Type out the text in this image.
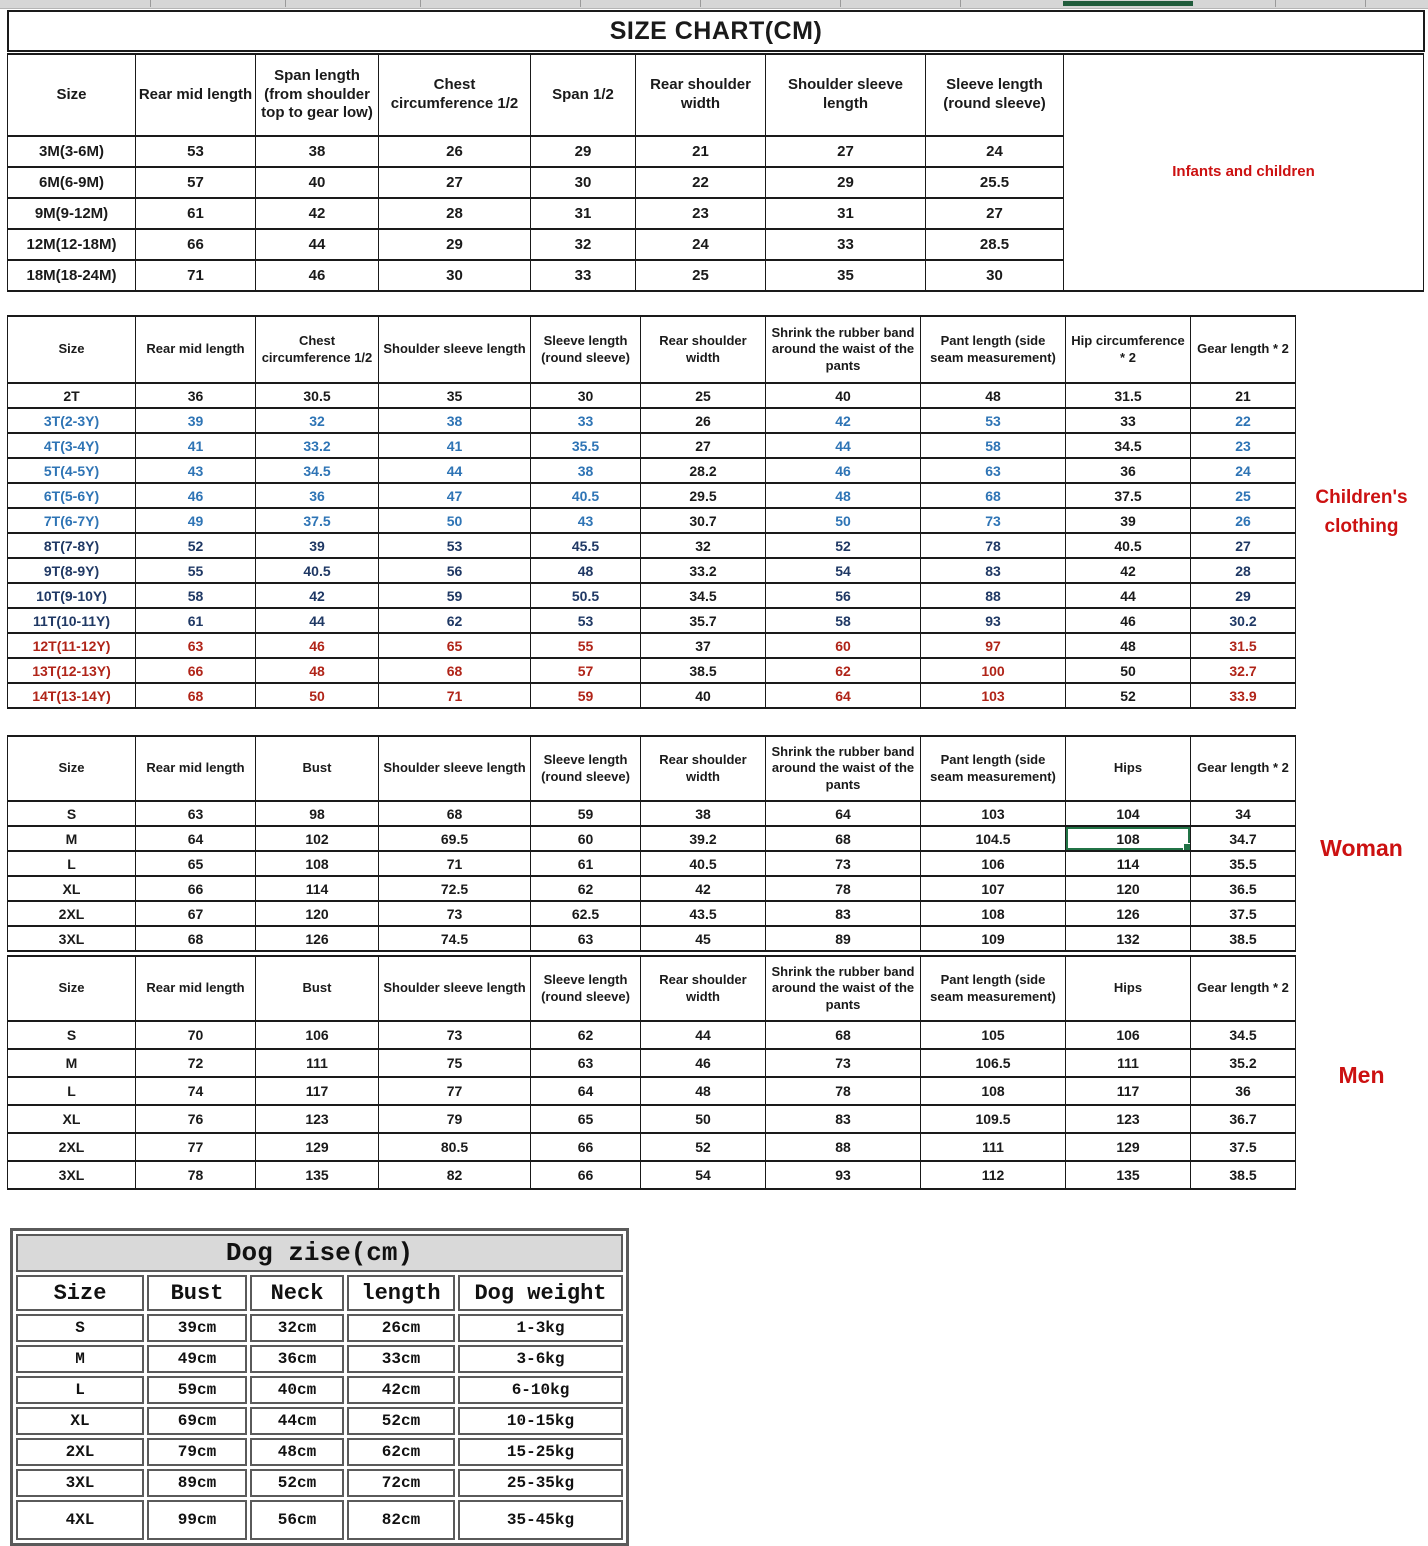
SIZE CHART(CM)
Size	Rear mid length	Span length (from shoulder top to gear low)	Chest circumference 1/2	Span 1/2	Rear shoulder width	Shoulder sleeve length	Sleeve length (round sleeve)	Infants and children
3M(3-6M)	53	38	26	29	21	27	24	
6M(6-9M)	57	40	27	30	22	29	25.5	
9M(9-12M)	61	42	28	31	23	31	27	
12M(12-18M)	66	44	29	32	24	33	28.5	
18M(18-24M)	71	46	30	33	25	35	30	
Size	Rear mid length	Chest circumference 1/2	Shoulder sleeve length	Sleeve length (round sleeve)	Rear shoulder width	Shrink the rubber band around the waist of the pants	Pant length (side seam measurement)	Hip circumference * 2	Gear length * 2
2T	36	30.5	35	30	25	40	48	31.5	21
3T(2-3Y)	39	32	38	33	26	42	53	33	22
4T(3-4Y)	41	33.2	41	35.5	27	44	58	34.5	23
5T(4-5Y)	43	34.5	44	38	28.2	46	63	36	24
6T(5-6Y)	46	36	47	40.5	29.5	48	68	37.5	25
7T(6-7Y)	49	37.5	50	43	30.7	50	73	39	26
8T(7-8Y)	52	39	53	45.5	32	52	78	40.5	27
9T(8-9Y)	55	40.5	56	48	33.2	54	83	42	28
10T(9-10Y)	58	42	59	50.5	34.5	56	88	44	29
11T(10-11Y)	61	44	62	53	35.7	58	93	46	30.2
12T(11-12Y)	63	46	65	55	37	60	97	48	31.5
13T(12-13Y)	66	48	68	57	38.5	62	100	50	32.7
14T(13-14Y)	68	50	71	59	40	64	103	52	33.9
Size	Rear mid length	Bust	Shoulder sleeve length	Sleeve length (round sleeve)	Rear shoulder width	Shrink the rubber band around the waist of the pants	Pant length (side seam measurement)	Hips	Gear length * 2
S	63	98	68	59	38	64	103	104	34
M	64	102	69.5	60	39.2	68	104.5	108	34.7
L	65	108	71	61	40.5	73	106	114	35.5
XL	66	114	72.5	62	42	78	107	120	36.5
2XL	67	120	73	62.5	43.5	83	108	126	37.5
3XL	68	126	74.5	63	45	89	109	132	38.5
Size	Rear mid length	Bust	Shoulder sleeve length	Sleeve length (round sleeve)	Rear shoulder width	Shrink the rubber band around the waist of the pants	Pant length (side seam measurement)	Hips	Gear length * 2
S	70	106	73	62	44	68	105	106	34.5
M	72	111	75	63	46	73	106.5	111	35.2
L	74	117	77	64	48	78	108	117	36
XL	76	123	79	65	50	83	109.5	123	36.7
2XL	77	129	80.5	66	52	88	111	129	37.5
3XL	78	135	82	66	54	93	112	135	38.5
Children's clothing
Woman
Men
Dog zise(cm)				
Size	Bust	Neck	length	Dog weight
S	39cm	32cm	26cm	1-3kg
M	49cm	36cm	33cm	3-6kg
L	59cm	40cm	42cm	6-10kg
XL	69cm	44cm	52cm	10-15kg
2XL	79cm	48cm	62cm	15-25kg
3XL	89cm	52cm	72cm	25-35kg
4XL	99cm	56cm	82cm	35-45kg
